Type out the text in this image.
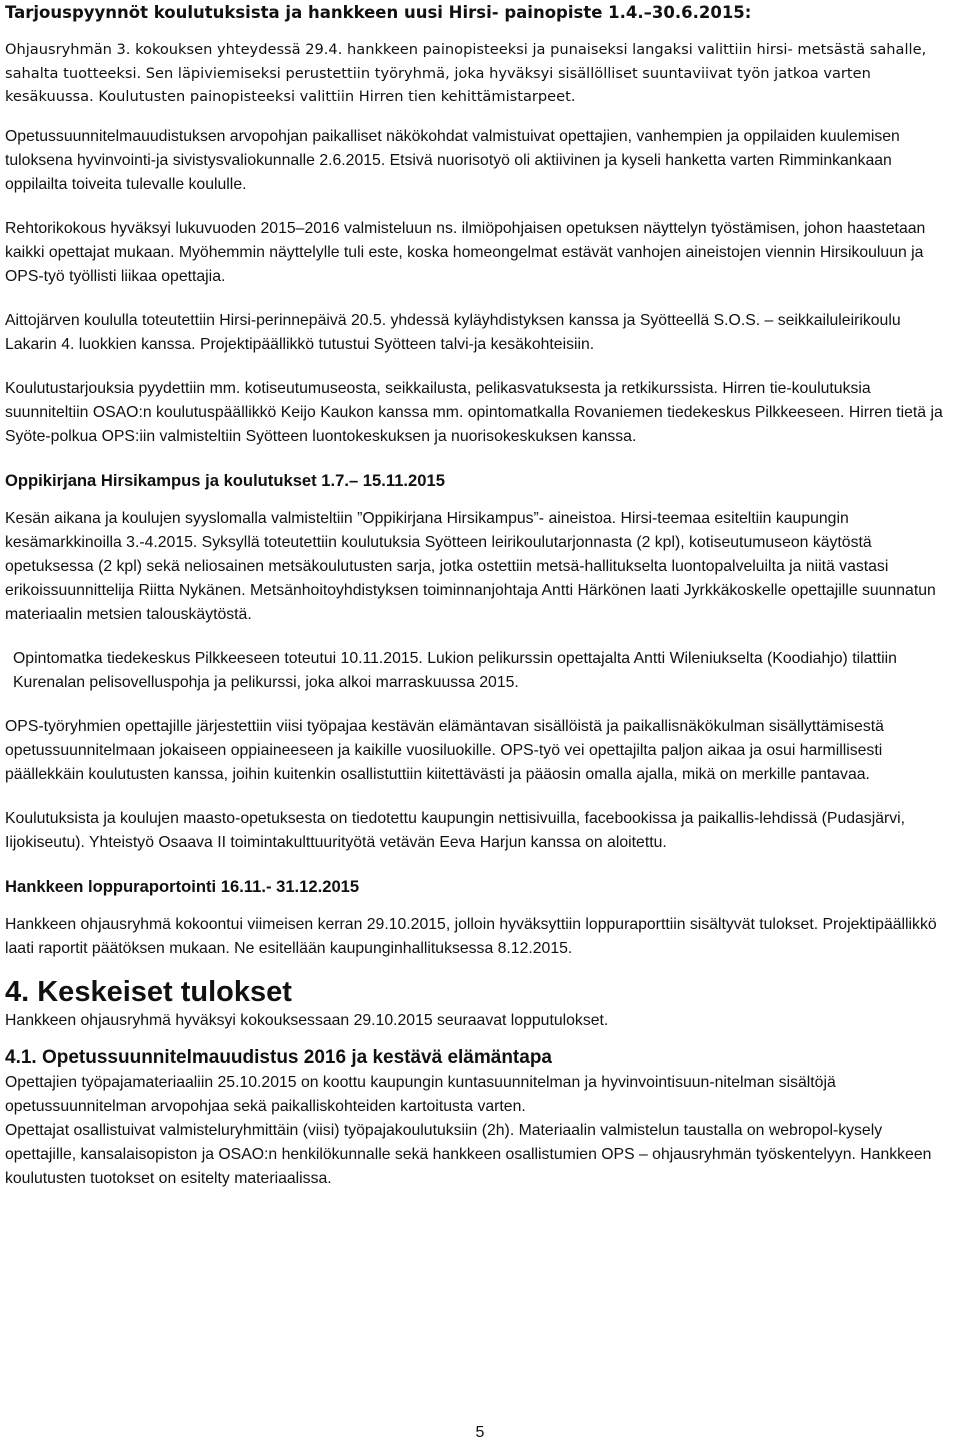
Tarjouspyynnöt koulutuksista ja hankkeen uusi Hirsi- painopiste 1.4.–30.6.2015:

Ohjausryhmän 3. kokouksen yhteydessä 29.4. hankkeen painopisteeksi ja punaiseksi langaksi valittiin hirsi- metsästä sahalle, sahalta tuotteeksi. Sen läpiviemiseksi perustettiin työryhmä, joka hyväksyi sisällölliset suuntaviivat työn jatkoa varten kesäkuussa. Koulutusten painopisteeksi valittiin Hirren tien kehittämistarpeet.

Opetussuunnitelmauudistuksen arvopohjan paikalliset näkökohdat valmistuivat opettajien, vanhempien ja oppilaiden kuulemisen tuloksena hyvinvointi-ja sivistysvaliokunnalle 2.6.2015. Etsivä nuorisotyö oli aktiivinen ja kyseli hanketta varten Rimminkankaan oppilailta toiveita tulevalle koululle.

Rehtorikokous hyväksyi lukuvuoden 2015–2016 valmisteluun ns. ilmiöpohjaisen opetuksen näyttelyn työstämisen, johon haastetaan kaikki opettajat mukaan. Myöhemmin näyttelylle tuli este, koska homeongelmat estävät vanhojen aineistojen viennin Hirsikouluun ja OPS-työ työllisti liikaa opettajia.

Aittojärven koululla toteutettiin Hirsi-perinnepäivä 20.5. yhdessä kyläyhdistyksen kanssa ja Syötteellä S.O.S. – seikkailuleirikoulu Lakarin 4. luokkien kanssa. Projektipäällikkö tutustui Syötteen talvi-ja kesäkohteisiin.

Koulutustarjouksia pyydettiin mm. kotiseutumuseosta, seikkailusta, pelikasvatuksesta ja retkikurssista. Hirren tie-koulutuksia suunniteltiin OSAO:n koulutuspäällikkö Keijo Kaukon kanssa mm. opintomatkalla Rovaniemen tiedekeskus Pilkkeeseen. Hirren tietä ja Syöte-polkua OPS:iin valmisteltiin Syötteen luontokeskuksen ja nuorisokeskuksen kanssa.

Oppikirjana Hirsikampus ja koulutukset 1.7.– 15.11.2015

Kesän aikana ja koulujen syyslomalla valmisteltiin ”Oppikirjana Hirsikampus”- aineistoa. Hirsi-teemaa esiteltiin kaupungin kesämarkkinoilla 3.-4.2015. Syksyllä toteutettiin koulutuksia Syötteen leirikoulutarjonnasta (2 kpl), kotiseutumuseon käytöstä opetuksessa (2 kpl) sekä neliosainen metsäkoulutusten sarja, jotka ostettiin metsä-hallitukselta luontopalveluilta ja niitä vastasi erikoissuunnittelija Riitta Nykänen. Metsänhoitoyhdistyksen toiminnanjohtaja Antti Härkönen laati Jyrkkäkoskelle opettajille suunnatun materiaalin metsien talouskäytöstä.

Opintomatka tiedekeskus Pilkkeeseen toteutui 10.11.2015. Lukion pelikurssin opettajalta Antti Wileniukselta (Koodiahjo) tilattiin Kurenalan pelisovelluspohja ja pelikurssi, joka alkoi marraskuussa 2015.

OPS-työryhmien opettajille järjestettiin viisi työpajaa kestävän elämäntavan sisällöistä ja paikallisnäkökulman sisällyttämisestä opetussuunnitelmaan jokaiseen oppiaineeseen ja kaikille vuosiluokille. OPS-työ vei opettajilta paljon aikaa ja osui harmillisesti päällekkäin koulutusten kanssa, joihin kuitenkin osallistuttiin kiitettävästi ja pääosin omalla ajalla, mikä on merkille pantavaa.

Koulutuksista ja koulujen maasto-opetuksesta on tiedotettu kaupungin nettisivuilla, facebookissa ja paikallis-lehdissä (Pudasjärvi, Iijokiseutu). Yhteistyö Osaava II toimintakulttuurityötä vetävän Eeva Harjun kanssa on aloitettu.

Hankkeen loppuraportointi 16.11.- 31.12.2015

Hankkeen ohjausryhmä kokoontui viimeisen kerran 29.10.2015, jolloin hyväksyttiin loppuraporttiin sisältyvät tulokset. Projektipäällikkö laati raportit päätöksen mukaan. Ne esitellään kaupunginhallituksessa 8.12.2015.

4. Keskeiset tulokset

Hankkeen ohjausryhmä hyväksyi kokouksessaan 29.10.2015 seuraavat lopputulokset.

4.1. Opetussuunnitelmauudistus 2016 ja kestävä elämäntapa

Opettajien työpajamateriaaliin 25.10.2015 on koottu kaupungin kuntasuunnitelman ja hyvinvointisuun-nitelman sisältöjä opetussuunnitelman arvopohjaa sekä paikalliskohteiden kartoitusta varten.

Opettajat osallistuivat valmisteluryhmittäin (viisi) työpajakoulutuksiin (2h). Materiaalin valmistelun taustalla on webropol-kysely opettajille, kansalaisopiston ja OSAO:n henkilökunnalle sekä hankkeen osallistumien OPS – ohjausryhmän työskentelyyn. Hankkeen koulutusten tuotokset on esitelty materiaalissa.

5
